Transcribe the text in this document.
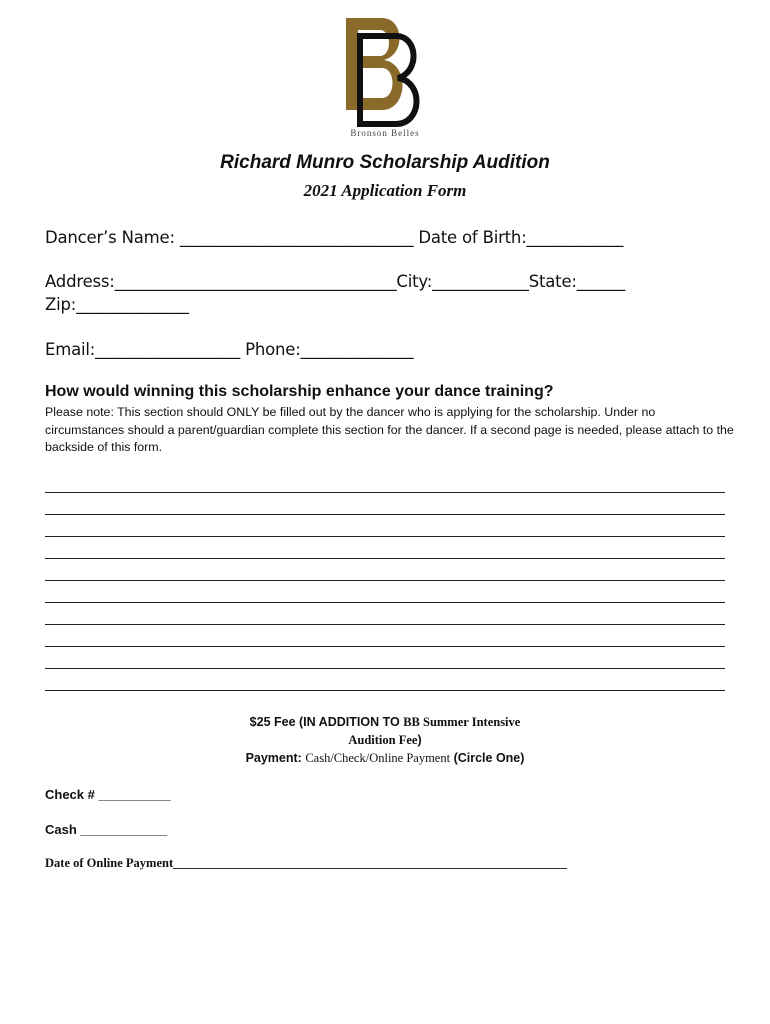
Bronson Belles
Richard Munro Scholarship Audition
2021 Application Form
Dancer’s Name: _____________________________ Date of Birth:____________
Address:___________________________________City:____________State:______
Zip:______________
Email:__________________ Phone:______________
How would winning this scholarship enhance your dance training?
Please note: This section should ONLY be filled out by the dancer who is applying for the scholarship. Under no circumstances should a parent/guardian complete this section for the dancer. If a second page is needed, please attach to the backside of this form.
$25 Fee (IN ADDITION TO BB Summer Intensive
Audition Fee)
Payment: Cash/Check/Online Payment (Circle One)
Check # __________
Cash ____________
Date of Online Payment_______________________________________________________________
